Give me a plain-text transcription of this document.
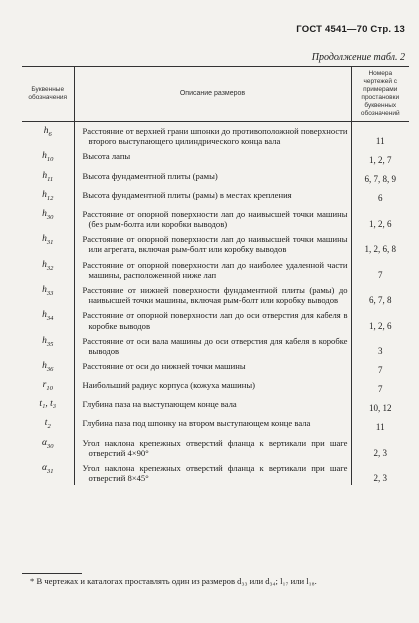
ГОСТ 4541—70 Стр. 13
Продолжение табл. 2
Буквенные обозначения	Описание размеров	Номера чертежей с примерами простановки буквенных обозначений
$h_6$	Расстояние от верхней грани шпонки до противоположной поверхности второго выступающего цилиндрического конца вала	11
$h_{10}$	Высота лапы	1, 2, 7
$h_{11}$	Высота фундаментной плиты (рамы)	6, 7, 8, 9
$h_{12}$	Высота фундаментной плиты (рамы) в местах крепления	6
$h_{30}$	Расстояние от опорной поверхности лап до наивысшей точки машины (без рым-болта или коробки выводов)	1, 2, 6
$h_{31}$	Расстояние от опорной поверхности лап до наивысшей точки машины или агрегата, включая рым-болт или коробку выводов	1, 2, 6, 8
$h_{32}$	Расстояние от опорной поверхности лап до наиболее удаленной части машины, расположенной ниже лап	7
$h_{33}$	Расстояние от нижней поверхности фундаментной плиты (рамы) до наивысшей точки машины, включая рым-болт или коробку выводов	6, 7, 8
$h_{34}$	Расстояние от опорной поверхности лап до оси отверстия для кабеля в коробке выводов	1, 2, 6
$h_{35}$	Расстояние от оси вала машины до оси отверстия для кабеля в коробке выводов	3
$h_{36}$	Расстояние от оси до нижней точки машины	7
$r_{10}$	Наибольший радиус корпуса (кожуха машины)	7
t₁, t₃	Глубина паза на выступающем конце вала	10, 12
$t_2$	Глубина паза под шпонку на втором выступающем конце вала	11
$\alpha_{30}$	Угол наклона крепежных отверстий фланца к вертикали при шаге отверстий 4×90°	2, 3
$\alpha_{31}$	Угол наклона крепежных отверстий фланца к вертикали при шаге отверстий 8×45°	2, 3

* В чертежах и каталогах проставлять один из размеров d₃₃ или d₃₄; l₁₇ или l₁₈.
